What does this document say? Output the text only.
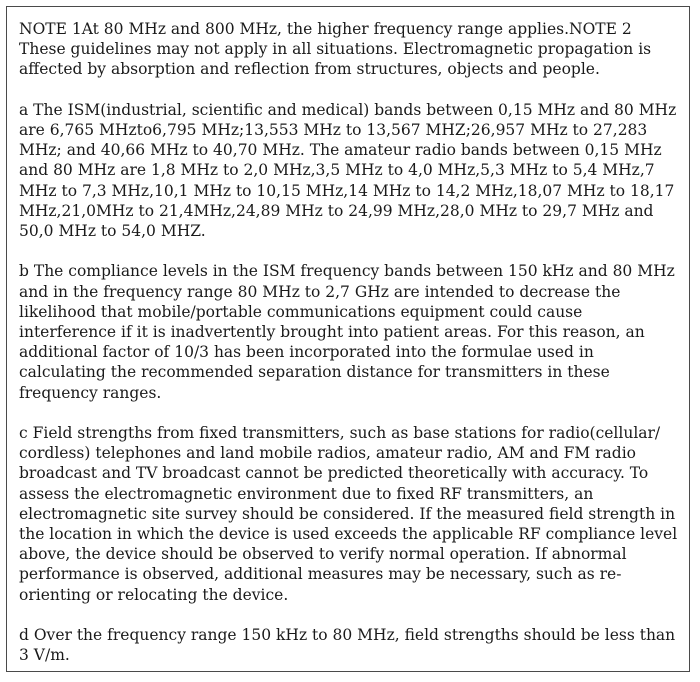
NOTE 1At 80 MHz and 800 MHz, the higher frequency range applies.NOTE 2 These guidelines may not apply in all situations. Electromagnetic propagation is affected by absorption and reflection from structures, objects and people.

a The ISM(industrial, scientific and medical) bands between 0,15 MHz and 80 MHz are 6,765 MHzto6,795 MHz;13,553 MHz to 13,567 MHZ;26,957 MHz to 27,283 MHz; and 40,66 MHz to 40,70 MHz. The amateur radio bands between 0,15 MHz and 80 MHz are 1,8 MHz to 2,0 MHz,3,5 MHz to 4,0 MHz,5,3 MHz to 5,4 MHz,7 MHz to 7,3 MHz,10,1 MHz to 10,15 MHz,14 MHz to 14,2 MHz,18,07 MHz to 18,17 MHz,21,0MHz to 21,4MHz,24,89 MHz to 24,99 MHz,28,0 MHz to 29,7 MHz and 50,0 MHz to 54,0 MHZ.

b The compliance levels in the ISM frequency bands between 150 kHz and 80 MHz and in the frequency range 80 MHz to 2,7 GHz are intended to decrease the likelihood that mobile/portable communications equipment could cause interference if it is inadvertently brought into patient areas. For this reason, an additional factor of 10/3 has been incorporated into the formulae used in calculating the recommended separation distance for transmitters in these frequency ranges.

c Field strengths from fixed transmitters, such as base stations for radio(cellular/ cordless) telephones and land mobile radios, amateur radio, AM and FM radio broadcast and TV broadcast cannot be predicted theoretically with accuracy. To assess the electromagnetic environment due to fixed RF transmitters, an electromagnetic site survey should be considered. If the measured field strength in the location in which the device is used exceeds the applicable RF compliance level above, the device should be observed to verify normal operation. If abnormal performance is observed, additional measures may be necessary, such as re-orienting or relocating the device.

d Over the frequency range 150 kHz to 80 MHz, field strengths should be less than 3 V/m.
